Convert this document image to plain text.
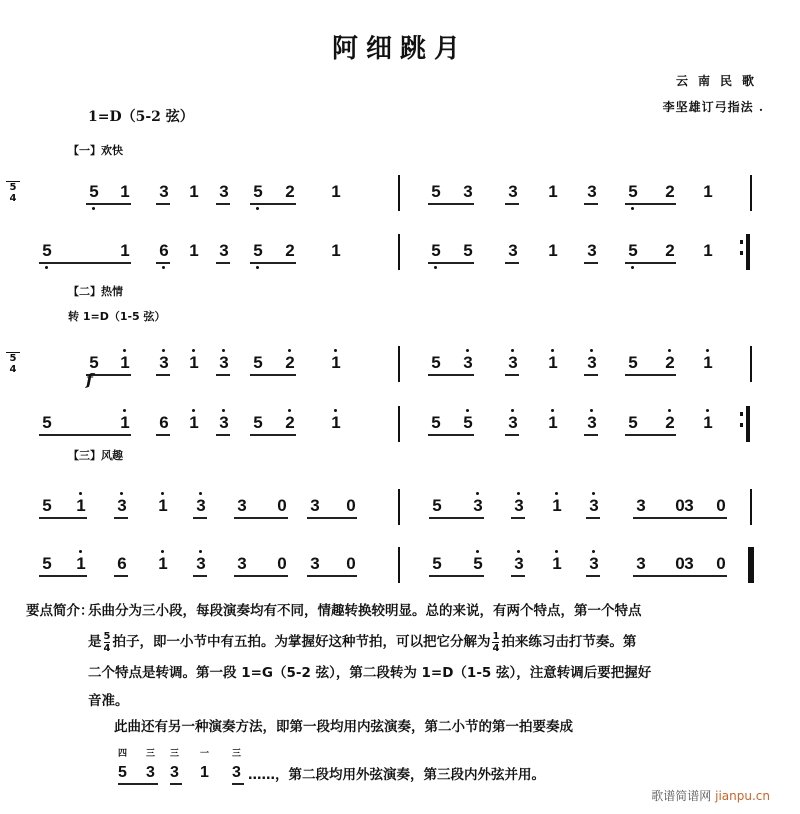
阿细跳月
云南民歌
李坚雄订弓指法 .
1=D（5-2 弦）
【一】欢快
5
4	5 1 3 1 3 5 2 1	5 3 3 1 3 5 2 1
5	1 6 1 3 5 2 1	5 5 3 1 3 5 2 1
5
4	5 1 3 1 3 5 2 1	5 3 3 1 3 5 2 1
5	1 6 1 3 5 2 1	5 5 3 1 3 5 2 1
5 1 3 1 3 3 0 3 0	5 3 3 1 3 3 0 3 0
5 1 6 1 3 3 0 3 0	5 5 3 1 3 3 0 3 0
【二】热情
转 1=D（1-5 弦）
f
【三】风趣
要点简介：
乐曲分为三小段，每段演奏均有不同，情趣转换较明显。总的来说，有两个特点，第一个特点
是 $\frac{5}{4}$ 拍子，即一小节中有五拍。为掌握好这种节拍，可以把它分解为 $\frac{1}{4}$ 拍来练习击打节奏。第
二个特点是转调。第一段 1=G（5-2 弦），第二段转为 1=D（1-5 弦），注意转调后要把握好
音准。
此曲还有另一种演奏方法，即第一段均用内弦演奏，第二小节的第一拍要奏成
四
5
三
3
三
3
一
1
三
3 ……，第二段均用外弦演奏，第三段内外弦并用。
歌谱简谱网 jianpu.cn
